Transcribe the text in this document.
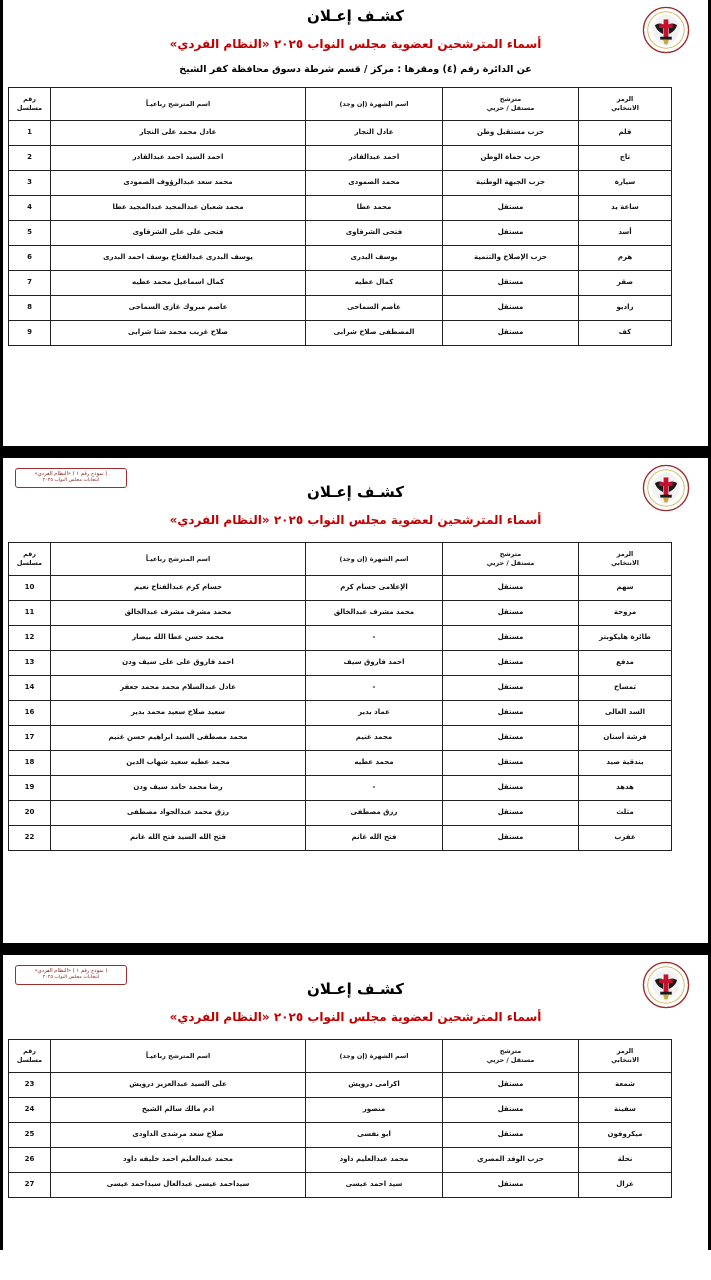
كشـف إعـلان
أسماء المترشحين لعضوية مجلس النواب ٢٠٢٥ «النظام الفردي»

عن الدائرة رقم (٤) ومقرها : مركز / قسم شرطة دسوق محافظة كفر الشيخ

الرمز
الانتخابي	مترشح
مستقل / حزبي	اسم الشهرة (إن وجد)	اسم المترشح رباعيـاً	رقم
مسلسل
قلم	حزب مستقبل وطن	عادل النجار	عادل محمد على النجار	1
تاج	حزب حماة الوطن	احمد عبدالقادر	احمد السيد احمد عبدالقادر	2
سيارة	حزب الجبهة الوطنية	محمد الصمودى	محمد سعد عبدالرؤوف الصمودى	3
ساعة يد	مستقل	محمد عطا	محمد شعبان عبدالمجيد عبدالمجيد عطا	4
أسد	مستقل	فتحى الشرقاوى	فتحى على على الشرقاوى	5
هرم	حزب الإصلاح والتنمية	يوسف البدرى	يوسف البدرى عبدالفتاح يوسف احمد البدرى	6
صقر	مستقل	كمال عطيه	كمال اسماعيل محمد عطيه	7
راديو	مستقل	عاصم السماحى	عاصم مبروك غازى السماحى	8
كف	مستقل	المصطفى صلاح شرابى	صلاح غريب محمد شتا شرابى	9
( نموذج رقم ١ ) «النظام الفردي»
انتخابات مجلس النواب ٢٠٢٥
كشـف إعـلان
أسماء المترشحين لعضوية مجلس النواب ٢٠٢٥ «النظام الفردي»
الرمز
الانتخابي	مترشح
مستقل / حزبي	اسم الشهرة (إن وجد)	اسم المترشح رباعيـاً	رقم
مسلسل
سهم	مستقل	الإعلامى حسام كرم	حسام كرم عبدالفتاح نعيم	10
مروحة	مستقل	محمد مشرف عبدالخالق	محمد مشرف مشرف عبدالخالق	11
طائرة هليكوبتر	مستقل	-	محمد حسن عطا الله بيصار	12
مدفع	مستقل	احمد فاروق سيف	احمد فاروق على على سيف ودن	13
تمساح	مستقل	-	عادل عبدالسلام محمد محمد جعفر	14
السد العالى	مستقل	عماد بدير	سعيد صلاح سعيد محمد بدير	16
فرشة أسنان	مستقل	محمد غنيم	محمد مصطفى السيد ابراهيم حسن غنيم	17
بندقية صيد	مستقل	محمد عطيه	محمد عطيه سعيد شهاب الدين	18
هدهد	مستقل	-	رضا محمد حامد سيف ودن	19
مثلث	مستقل	رزق مصطفى	رزق محمد عبدالجواد مصطفى	20
عقرب	مستقل	فتح الله غانم	فتح الله السيد فتح الله غانم	22
( نموذج رقم ١ ) «النظام الفردي»
انتخابات مجلس النواب ٢٠٢٥
كشـف إعـلان
أسماء المترشحين لعضوية مجلس النواب ٢٠٢٥ «النظام الفردي»
الرمز
الانتخابي	مترشح
مستقل / حزبي	اسم الشهرة (إن وجد)	اسم المترشح رباعيـاً	رقم
مسلسل
شمعة	مستقل	اكرامى درويش	على السيد عبدالعزيز درويش	23
سفينة	مستقل	منصور	ادم مالك سالم الشيخ	24
ميكروفون	مستقل	ابو نفسى	صلاح سعد مرشدى الداودى	25
نخلة	حزب الوفد المصري	محمد عبدالعليم داود	محمد عبدالعليم احمد خليفه داود	26
غزال	مستقل	سيد احمد عيسى	سيداحمد عيسى عبدالعال سيداحمد عيسى	27
